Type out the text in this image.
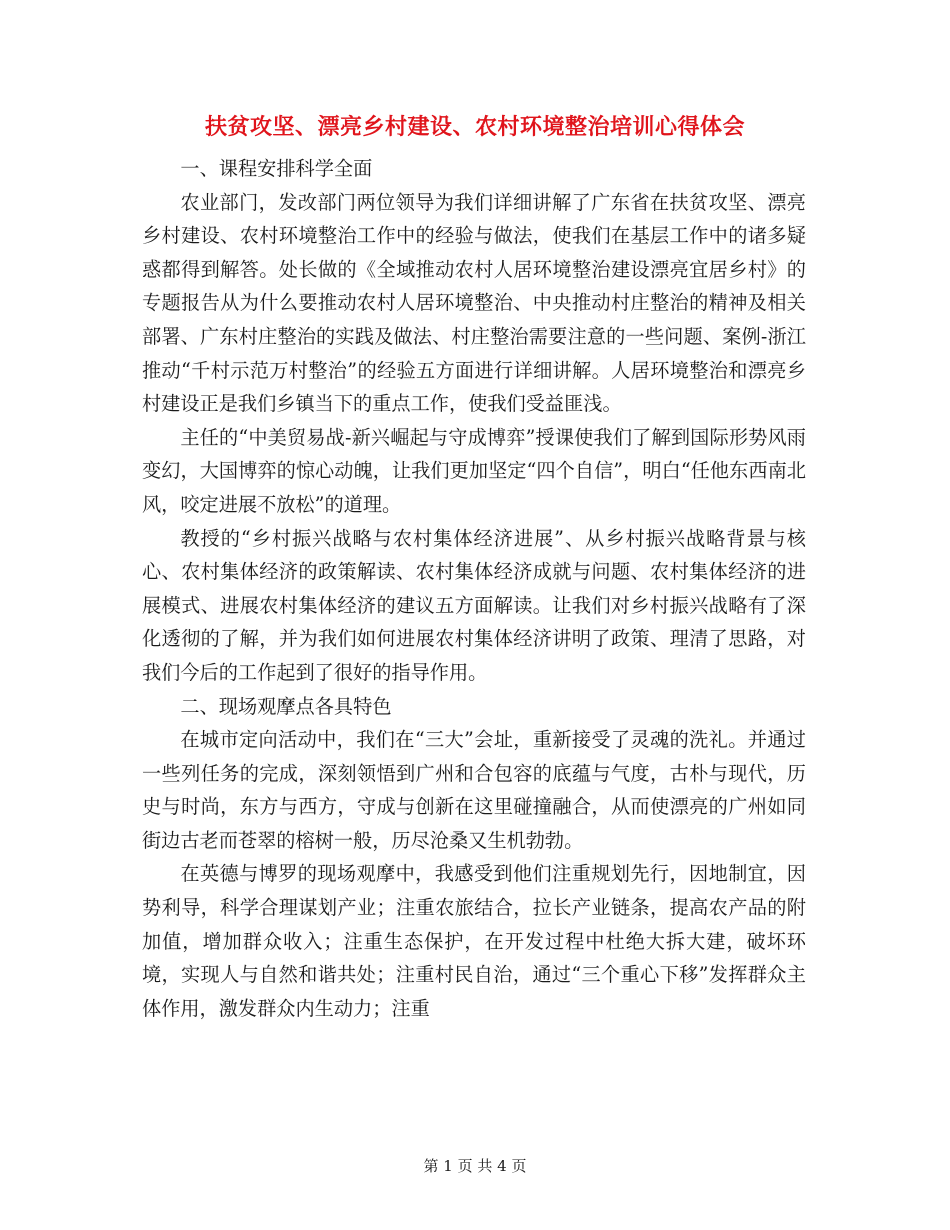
扶贫攻坚、漂亮乡村建设、农村环境整治培训心得体会

一、课程安排科学全面

农业部门，发改部门两位领导为我们详细讲解了广东省在扶贫攻坚、漂亮乡村建设、农村环境整治工作中的经验与做法，使我们在基层工作中的诸多疑惑都得到解答。处长做的《全域推动农村人居环境整治建设漂亮宜居乡村》的专题报告从为什么要推动农村人居环境整治、中央推动村庄整治的精神及相关部署、广东村庄整治的实践及做法、村庄整治需要注意的一些问题、案例-浙江推动“千村示范万村整治”的经验五方面进行详细讲解。人居环境整治和漂亮乡村建设正是我们乡镇当下的重点工作，使我们受益匪浅。

主任的“中美贸易战-新兴崛起与守成博弈”授课使我们了解到国际形势风雨变幻，大国博弈的惊心动魄，让我们更加坚定“四个自信”，明白“任他东西南北风，咬定进展不放松”的道理。

教授的“乡村振兴战略与农村集体经济进展”、从乡村振兴战略背景与核心、农村集体经济的政策解读、农村集体经济成就与问题、农村集体经济的进展模式、进展农村集体经济的建议五方面解读。让我们对乡村振兴战略有了深化透彻的了解，并为我们如何进展农村集体经济讲明了政策、理清了思路，对我们今后的工作起到了很好的指导作用。

二、现场观摩点各具特色

在城市定向活动中，我们在“三大”会址，重新接受了灵魂的洗礼。并通过一些列任务的完成，深刻领悟到广州和合包容的底蕴与气度，古朴与现代，历史与时尚，东方与西方，守成与创新在这里碰撞融合，从而使漂亮的广州如同街边古老而苍翠的榕树一般，历尽沧桑又生机勃勃。

在英德与博罗的现场观摩中，我感受到他们注重规划先行，因地制宜，因势利导，科学合理谋划产业；注重农旅结合，拉长产业链条，提高农产品的附加值，增加群众收入；注重生态保护，在开发过程中杜绝大拆大建，破坏环境，实现人与自然和谐共处；注重村民自治，通过“三个重心下移”发挥群众主体作用，激发群众内生动力；注重

第 1 页 共 4 页
